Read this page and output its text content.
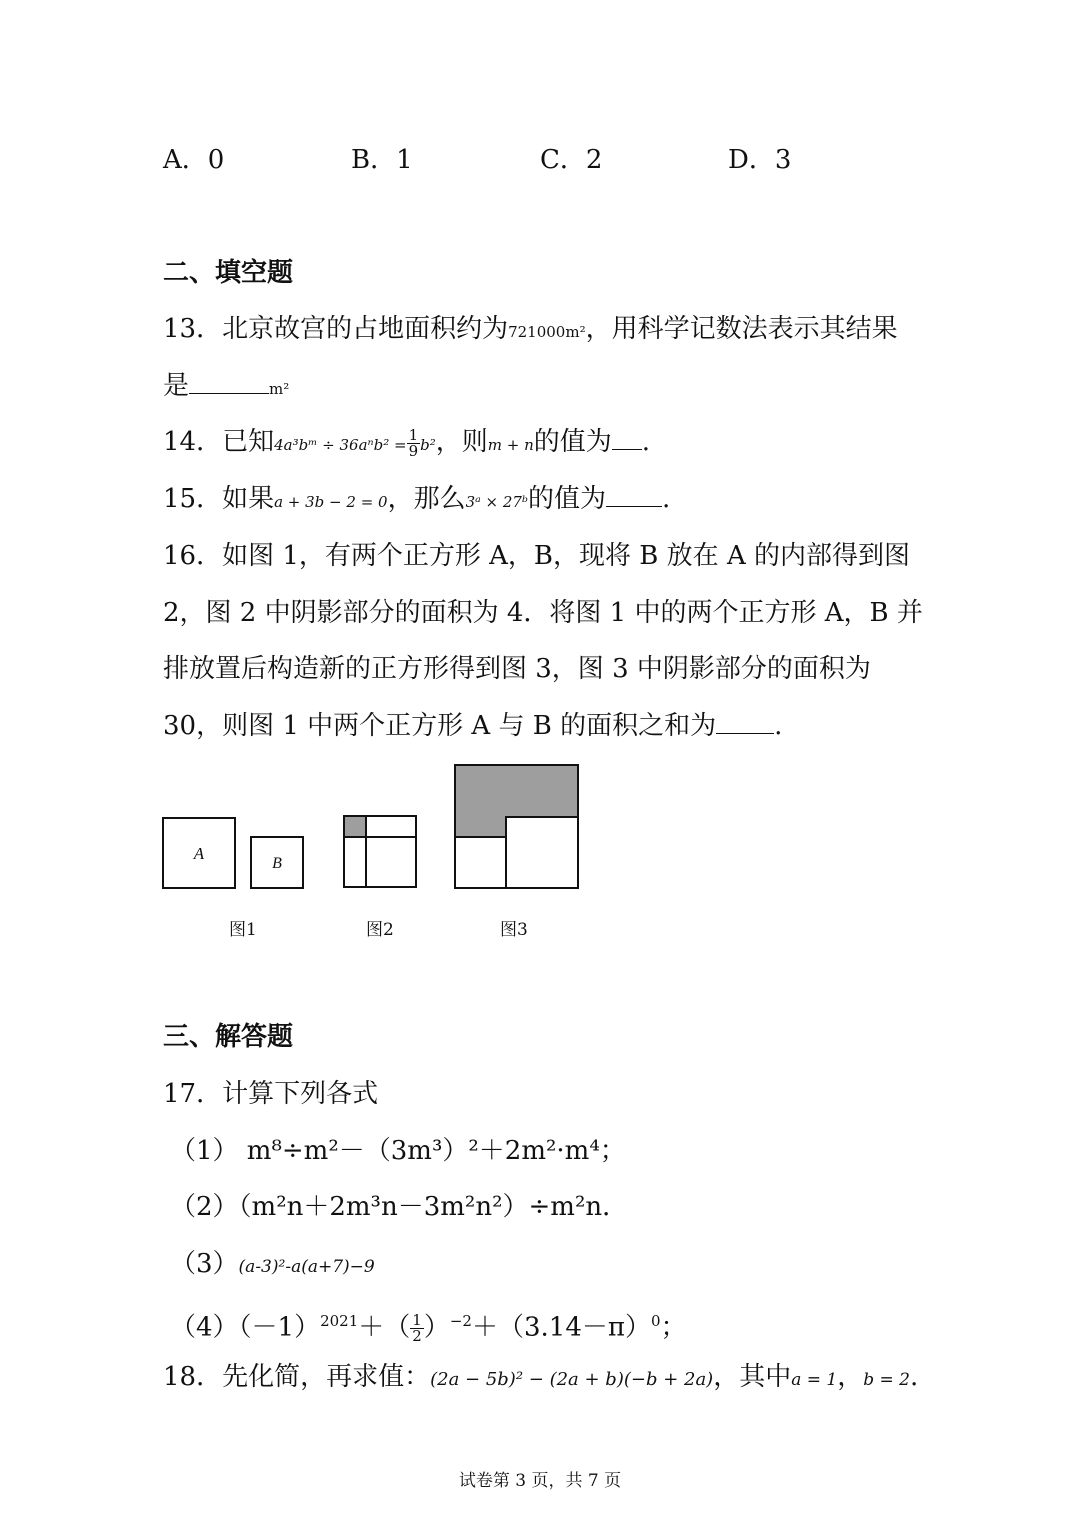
A．0	B．1	C．2	D．3
二、填空题
13．北京故宫的占地面积约为721000m²，用科学记数法表示其结果
是	m²
14．已知4a³bᵐ ÷ $36a^nb^2 = \frac{1}{9} b^2$，则m + n的值为 .
15．如果a + 3b − 2 = 0，那么3ᵃ × 27ᵇ的值为 .
16．如图 1，有两个正方形 A，B，现将 B 放在 A 的内部得到图
2，图 2 中阴影部分的面积为 4．将图 1 中的两个正方形 A，B 并
排放置后构造新的正方形得到图 3，图 3 中阴影部分的面积为
30，则图 1 中两个正方形 A 与 B 的面积之和为 .
A
B
图1	图2	图3
三、解答题
17．计算下列各式
（1） m⁸÷m²－（3m³）²＋2m²·m⁴；
（2）（m²n＋2m³n－3m²n²）÷m²n．
（3）(a-3)²-a(a+7)−9
$(4)(-1)^{2021}+( \frac{1}{2} )^{-2}+(3.14-\pi)^0$；
18．先化简，再求值：(2a − 5b)² − (2a + b)(−b + 2a)，其中a = 1，b = 2.
试卷第 3 页，共 7 页
